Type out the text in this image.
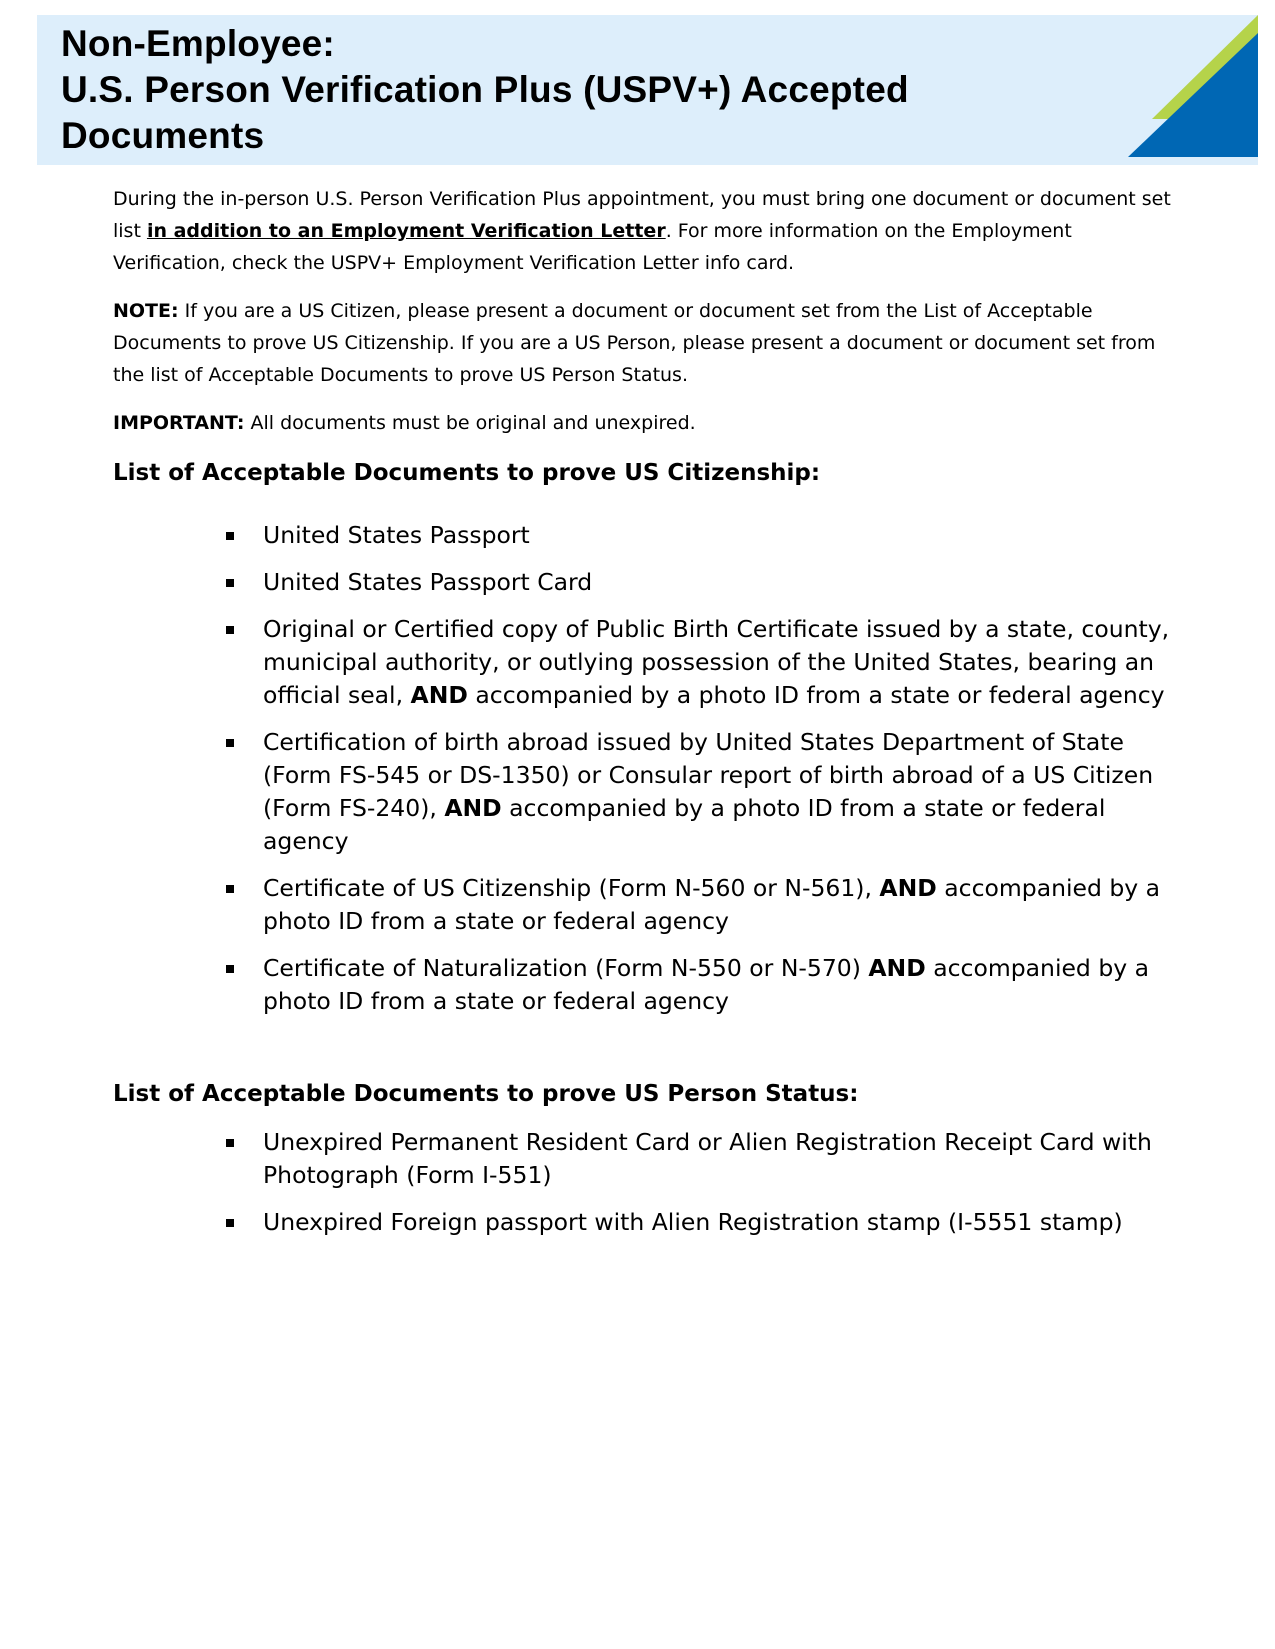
Non-Employee:
U.S. Person Verification Plus (USPV+) Accepted
Documents

During the in-person U.S. Person Verification Plus appointment, you must bring one document or document set list in addition to an Employment Verification Letter. For more information on the Employment Verification, check the USPV+ Employment Verification Letter info card.

NOTE: If you are a US Citizen, please present a document or document set from the List of Acceptable Documents to prove US Citizenship. If you are a US Person, please present a document or document set from the list of Acceptable Documents to prove US Person Status.

IMPORTANT: All documents must be original and unexpired.

List of Acceptable Documents to prove US Citizenship:
United States Passport
United States Passport Card
Original or Certified copy of Public Birth Certificate issued by a state, county, municipal authority, or outlying possession of the United States, bearing an official seal, AND accompanied by a photo ID from a state or federal agency
Certification of birth abroad issued by United States Department of State (Form FS-545 or DS-1350) or Consular report of birth abroad of a US Citizen (Form FS-240), AND accompanied by a photo ID from a state or federal agency
Certificate of US Citizenship (Form N-560 or N-561), AND accompanied by a photo ID from a state or federal agency
Certificate of Naturalization (Form N-550 or N-570) AND accompanied by a photo ID from a state or federal agency
List of Acceptable Documents to prove US Person Status:
Unexpired Permanent Resident Card or Alien Registration Receipt Card with Photograph (Form I-551)
Unexpired Foreign passport with Alien Registration stamp (I-5551 stamp)
